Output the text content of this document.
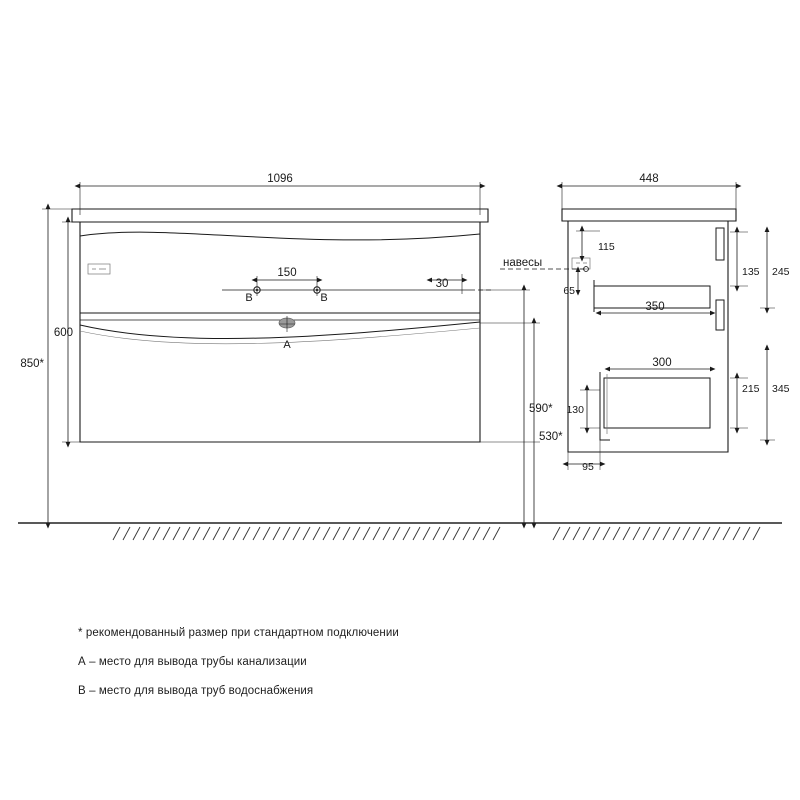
1096
150
В	В
30
A
600
850*
590*
530*
448
навесы
115
65
350
300
130
135 245
215 345
95
* рекомендованный размер при стандартном подключении
А – место для вывода трубы канализации
В – место для вывода труб водоснабжения
